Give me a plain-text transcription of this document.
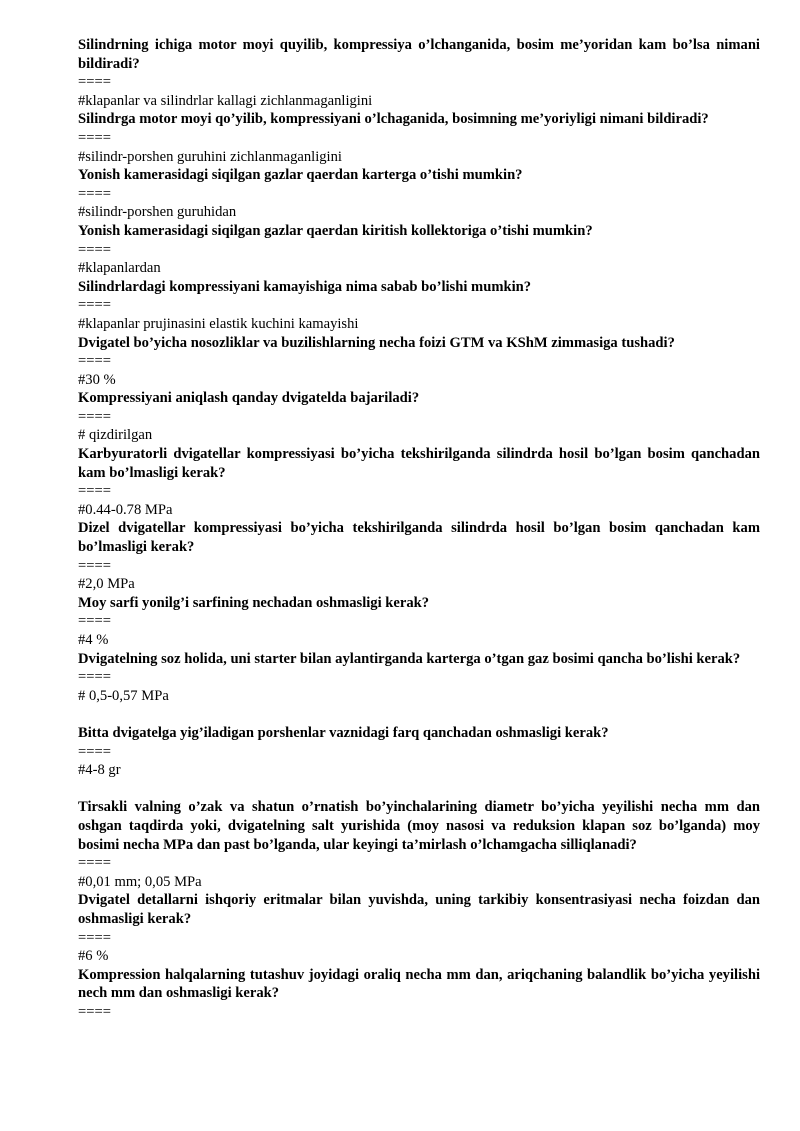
Silindrning ichiga motor moyi quyilib, kompressiya o’lchanganida, bosim me’yoridan kam bo’lsa nimani bildiradi?

====

#klapanlar va silindrlar kallagi zichlanmaganligini

Silindrga motor moyi qo’yilib, kompressiyani o’lchaganida, bosimning me’yoriyligi nimani bildiradi?

====

#silindr-porshen guruhini zichlanmaganligini

Yonish kamerasidagi siqilgan gazlar qaerdan karterga o’tishi mumkin?

====

#silindr-porshen guruhidan

Yonish kamerasidagi siqilgan gazlar qaerdan kiritish kollektoriga o’tishi mumkin?

====

#klapanlardan

Silindrlardagi kompressiyani kamayishiga nima sabab bo’lishi mumkin?

====

#klapanlar prujinasini elastik kuchini kamayishi

Dvigatel bo’yicha nosozliklar va buzilishlarning necha foizi GTM va KShM zimmasiga tushadi?

====

#30 %

Kompressiyani aniqlash qanday dvigatelda bajariladi?

====

# qizdirilgan

Karbyuratorli dvigatellar kompressiyasi bo’yicha tekshirilganda silindrda hosil bo’lgan bosim qanchadan kam bo’lmasligi kerak?

====

#0.44-0.78 MPa

Dizel dvigatellar kompressiyasi bo’yicha tekshirilganda silindrda hosil bo’lgan bosim qanchadan kam bo’lmasligi kerak?

====

#2,0 MPa

Moy sarfi yonilg’i sarfining nechadan oshmasligi kerak?

====

#4 %

Dvigatelning soz holida, uni starter bilan aylantirganda karterga o’tgan gaz bosimi qancha bo’lishi kerak?

====

# 0,5-0,57 MPa

Bitta dvigatelga yig’iladigan porshenlar vaznidagi farq qanchadan oshmasligi kerak?

====

#4-8 gr

Tirsakli valning o’zak va shatun o’rnatish bo’yinchalarining diametr bo’yicha yeyilishi necha mm dan oshgan taqdirda yoki, dvigatelning salt yurishida (moy nasosi va reduksion klapan soz bo’lganda) moy bosimi necha MPa dan past bo’lganda, ular keyingi ta’mirlash o’lchamgacha silliqlanadi?

====

#0,01 mm; 0,05 MPa

Dvigatel detallarni ishqoriy eritmalar bilan yuvishda, uning tarkibiy konsentrasiyasi necha foizdan dan oshmasligi kerak?

====

#6 %

Kompression halqalarning tutashuv joyidagi oraliq necha mm dan, ariqchaning balandlik bo’yicha yeyilishi nech mm dan oshmasligi kerak?

====
